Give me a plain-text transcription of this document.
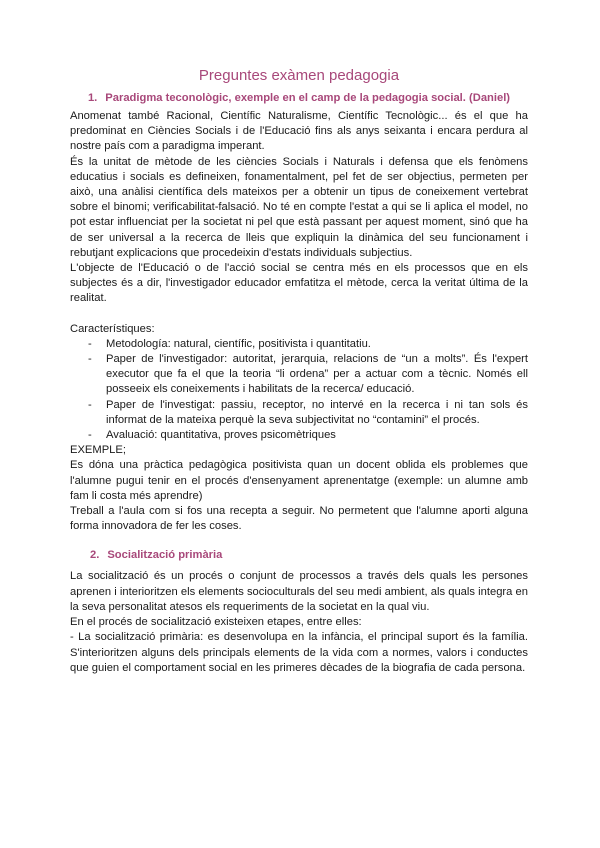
Preguntes exàmen pedagogia
1. Paradigma teconològic, exemple en el camp de la pedagogia social. (Daniel)

Anomenat també Racional, Científic Naturalisme, Científic Tecnològic... és el que ha predominat en Ciències Socials i de l'Educació fins als anys seixanta i encara perdura al nostre país com a paradigma imperant.

És la unitat de mètode de les ciències Socials i Naturals i defensa que els fenòmens educatius i socials es defineixen, fonamentalment, pel fet de ser objectius, permeten per això, una anàlisi científica dels mateixos per a obtenir un tipus de coneixement vertebrat sobre el binomi; verificabilitat-falsació. No té en compte l'estat a qui se li aplica el model, no pot estar influenciat per la societat ni pel que està passant per aquest moment, sinó que ha de ser universal a la recerca de lleis que expliquin la dinàmica del seu funcionament i rebutjant explicacions que procedeixin d'estats individuals subjectius.

L'objecte de l'Educació o de l'acció social se centra més en els processos que en els subjectes és a dir, l'investigador educador emfatitza el mètode, cerca la veritat última de la realitat.

Característiques:

- Metodología: natural, científic, positivista i quantitatiu.
- Paper de l'investigador: autoritat, jerarquia, relacions de “un a molts”. És l'expert executor que fa el que la teoria “li ordena” per a actuar com a tècnic. Només ell posseeix els coneixements i habilitats de la recerca/ educació.
- Paper de l'investigat: passiu, receptor, no intervé en la recerca i ni tan sols és informat de la mateixa perquè la seva subjectivitat no “contamini” el procés.
- Avaluació: quantitativa, proves psicomètriques

EXEMPLE;

Es dóna una pràctica pedagògica positivista quan un docent oblida els problemes que l'alumne pugui tenir en el procés d'ensenyament aprenentatge (exemple: un alumne amb fam li costa més aprendre)

Treball a l'aula com si fos una recepta a seguir. No permetent que l'alumne aporti alguna forma innovadora de fer les coses.

2. Socialització primària

La socialització és un procés o conjunt de processos a través dels quals les persones aprenen i interioritzen els elements socioculturals del seu medi ambient, als quals integra en la seva personalitat atesos els requeriments de la societat en la qual viu.

En el procés de socialització existeixen etapes, entre elles:

- La socialització primària: es desenvolupa en la infància, el principal suport és la família. S'interioritzen alguns dels principals elements de la vida com a normes, valors i conductes que guien el comportament social en les primeres dècades de la biografia de cada persona.
